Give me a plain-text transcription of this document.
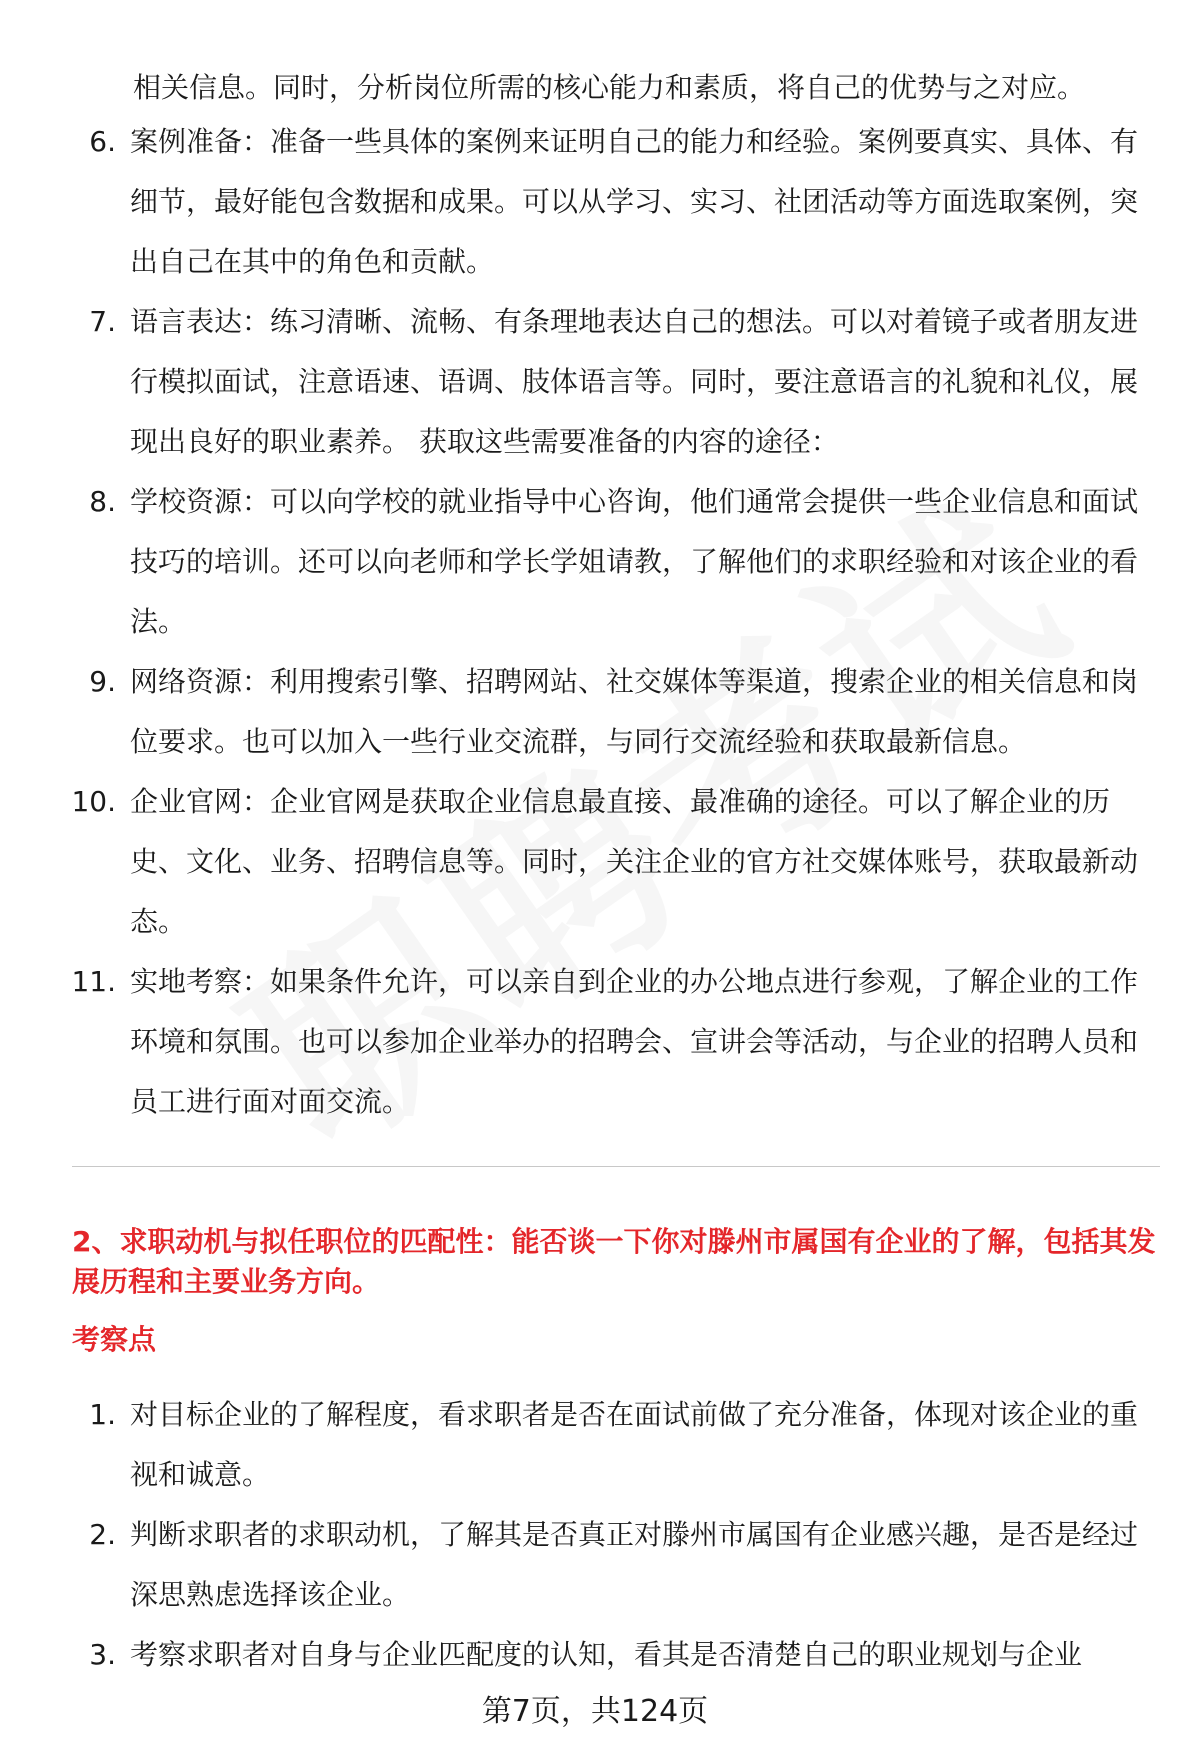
相关信息。同时，分析岗位所需的核心能力和素质，将自己的优势与之对应。
6. 案例准备：准备一些具体的案例来证明自己的能力和经验。案例要真实、具体、有细节，最好能包含数据和成果。可以从学习、实习、社团活动等方面选取案例，突出自己在其中的角色和贡献。
7. 语言表达：练习清晰、流畅、有条理地表达自己的想法。可以对着镜子或者朋友进行模拟面试，注意语速、语调、肢体语言等。同时，要注意语言的礼貌和礼仪，展现出良好的职业素养。 获取这些需要准备的内容的途径：
8. 学校资源：可以向学校的就业指导中心咨询，他们通常会提供一些企业信息和面试技巧的培训。还可以向老师和学长学姐请教，了解他们的求职经验和对该企业的看法。
9. 网络资源：利用搜索引擎、招聘网站、社交媒体等渠道，搜索企业的相关信息和岗位要求。也可以加入一些行业交流群，与同行交流经验和获取最新信息。
10. 企业官网：企业官网是获取企业信息最直接、最准确的途径。可以了解企业的历史、文化、业务、招聘信息等。同时，关注企业的官方社交媒体账号，获取最新动态。
11. 实地考察：如果条件允许，可以亲自到企业的办公地点进行参观，了解企业的工作环境和氛围。也可以参加企业举办的招聘会、宣讲会等活动，与企业的招聘人员和员工进行面对面交流。
2、求职动机与拟任职位的匹配性：能否谈一下你对滕州市属国有企业的了解，包括其发展历程和主要业务方向。
考察点
1. 对目标企业的了解程度，看求职者是否在面试前做了充分准备，体现对该企业的重视和诚意。
2. 判断求职者的求职动机，了解其是否真正对滕州市属国有企业感兴趣，是否是经过深思熟虑选择该企业。
3. 考察求职者对自身与企业匹配度的认知，看其是否清楚自己的职业规划与企业
第7页，共124页
